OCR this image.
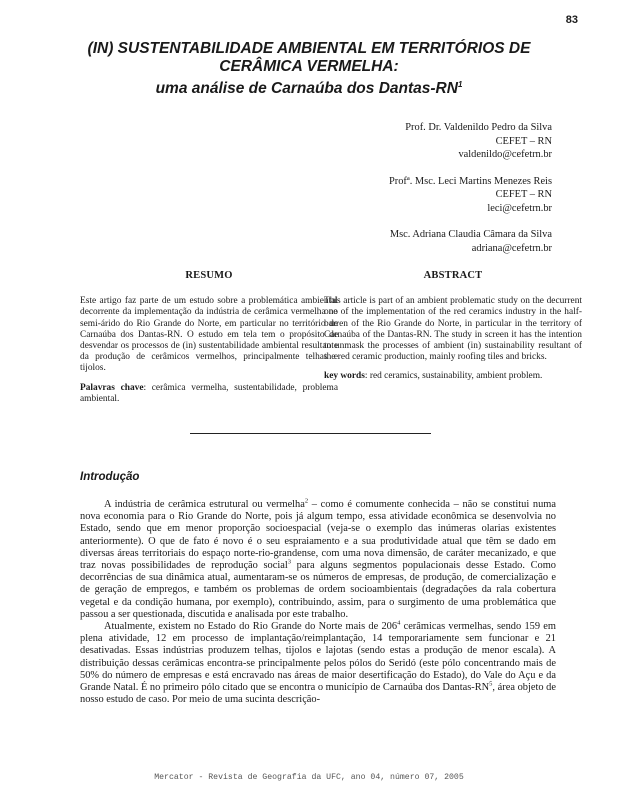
83
(IN) SUSTENTABILIDADE AMBIENTAL EM TERRITÓRIOS DE
CERÂMICA VERMELHA:
uma análise de Carnaúba dos Dantas-$RN^1$
Prof. Dr. Valdenildo Pedro da Silva
CEFET – RN
valdenildo@cefetrn.br
Profª. Msc. Leci Martins Menezes Reis
CEFET – RN
leci@cefetrn.br
Msc. Adriana Claudia Câmara da Silva
adriana@cefetrn.br
RESUMO

Este artigo faz parte de um estudo sobre a problemática ambiental decorrente da implementação da indústria de cerâmica vermelha no semi-árido do Rio Grande do Norte, em particular no território de Carnaúba dos Dantas-RN. O estudo em tela tem o propósito de desvendar os processos de (in) sustentabilidade ambiental resultante da produção de cerâmicos vermelhos, principalmente telhas e tijolos.

Palavras chave: cerâmica vermelha, sustentabilidade, problema ambiental.

ABSTRACT

This article is part of an ambient problematic study on the decurrent one of the implementation of the red ceramics industry in the half-barren of the Rio Grande do Norte, in particular in the territory of Carnaúba of the Dantas-RN. The study in screen it has the intention to unmask the processes of ambient (in) sustainability resultant of the red ceramic production, mainly roofing tiles and bricks.

key words: red ceramics, sustainability, ambient problem.

Introdução

A indústria de cerâmica estrutural ou vermelha$^2$ – como é comumente conhecida – não se constitui numa nova economia para o Rio Grande do Norte, pois já algum tempo, essa atividade econômica se desenvolvia no Estado, sendo que em menor proporção socioespacial (veja-se o exemplo das inúmeras olarias existentes anteriormente). O que de fato é novo é o seu espraiamento e a sua produtividade atual que têm se dado em diversas áreas territoriais do espaço norte-rio-grandense, com uma nova dimensão, de caráter mecanizado, e que traz novas possibilidades de reprodução social$^3$ para alguns segmentos populacionais desse Estado. Como decorrências de sua dinâmica atual, aumentaram-se os números de empresas, de produção, de comercialização e de geração de empregos, e também os problemas de ordem socioambientais (degradações da rala cobertura vegetal e da condição humana, por exemplo), contribuindo, assim, para o surgimento de uma problemática que passou a ser questionada, discutida e analisada por este trabalho.

Atualmente, existem no Estado do Rio Grande do Norte mais de $206^4$ cerâmicas vermelhas, sendo 159 em plena atividade, 12 em processo de implantação/reimplantação, 14 temporariamente sem funcionar e 21 desativadas. Essas indústrias produzem telhas, tijolos e lajotas (sendo estas a produção de menor escala). A distribuição dessas cerâmicas encontra-se principalmente pelos pólos do Seridó (este pólo concentrando mais de 50% do número de empresas e está encravado nas áreas de maior desertificação do Estado), do Vale do Açu e da Grande Natal. É no primeiro pólo citado que se encontra o município de Carnaúba dos Dantas-$RN^5$, área objeto de nosso estudo de caso. Por meio de uma sucinta descrição-

Mercator - Revista de Geografia da UFC, ano 04, número 07, 2005
